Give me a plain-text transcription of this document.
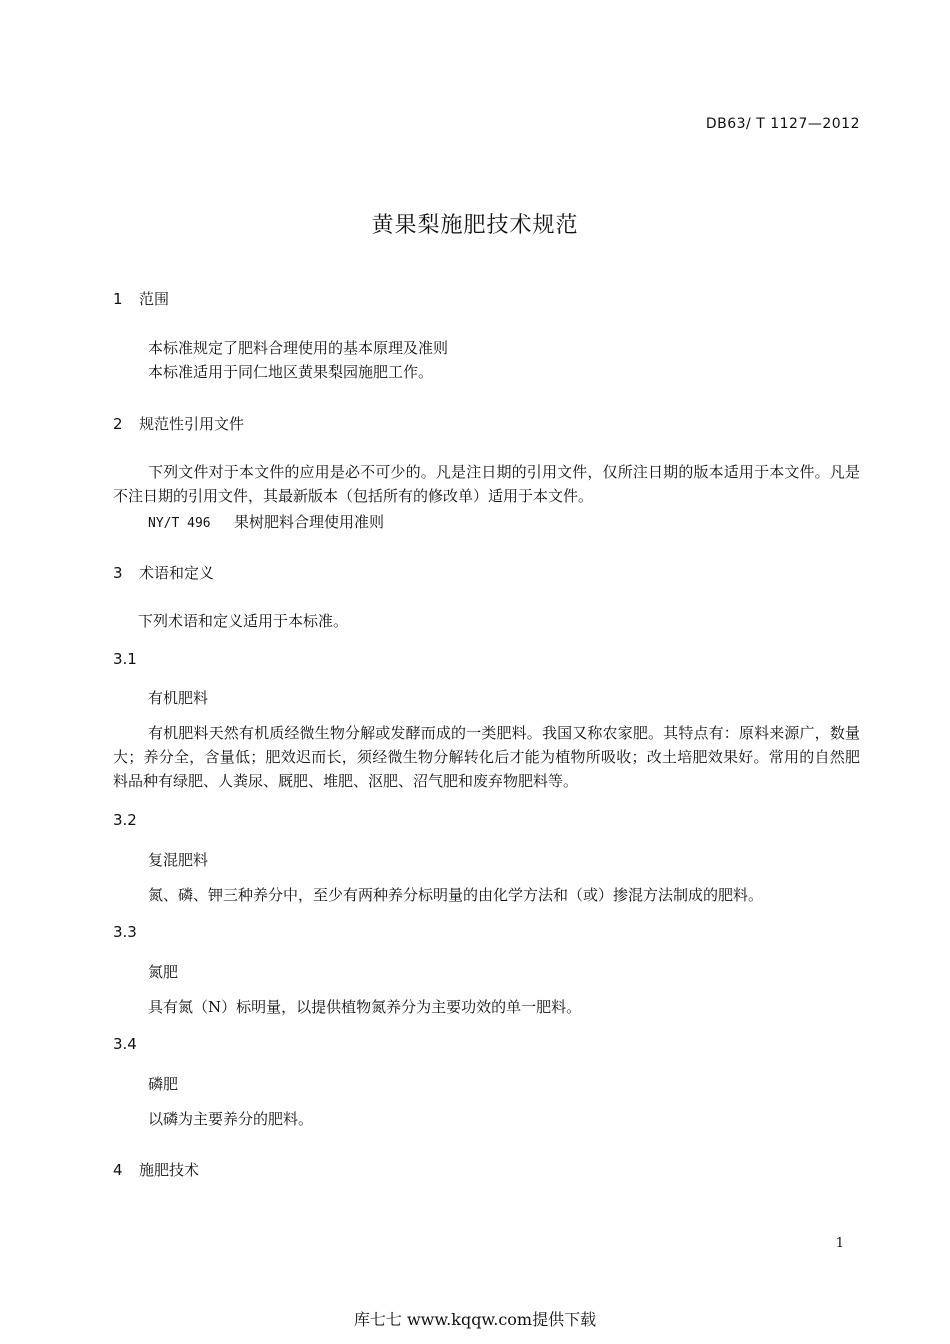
DB63/ T 1127—2012
黄果梨施肥技术规范
1 范围
本标准规定了肥料合理使用的基本原理及准则
本标准适用于同仁地区黄果梨园施肥工作。
2 规范性引用文件
下列文件对于本文件的应用是必不可少的。凡是注日期的引用文件，仅所注日期的版本适用于本文件。凡是不注日期的引用文件，其最新版本（包括所有的修改单）适用于本文件。
NY/T 496 果树肥料合理使用准则
3 术语和定义
下列术语和定义适用于本标准。
3.1
有机肥料
有机肥料天然有机质经微生物分解或发酵而成的一类肥料。我国又称农家肥。其特点有：原料来源广，数量大；养分全，含量低；肥效迟而长，须经微生物分解转化后才能为植物所吸收；改土培肥效果好。常用的自然肥料品种有绿肥、人粪尿、厩肥、堆肥、沤肥、沼气肥和废弃物肥料等。
3.2
复混肥料
氮、磷、钾三种养分中，至少有两种养分标明量的由化学方法和（或）掺混方法制成的肥料。
3.3
氮肥
具有氮（N）标明量，以提供植物氮养分为主要功效的单一肥料。
3.4
磷肥
以磷为主要养分的肥料。
4 施肥技术
1
库七七 www.kqqw.com提供下载
